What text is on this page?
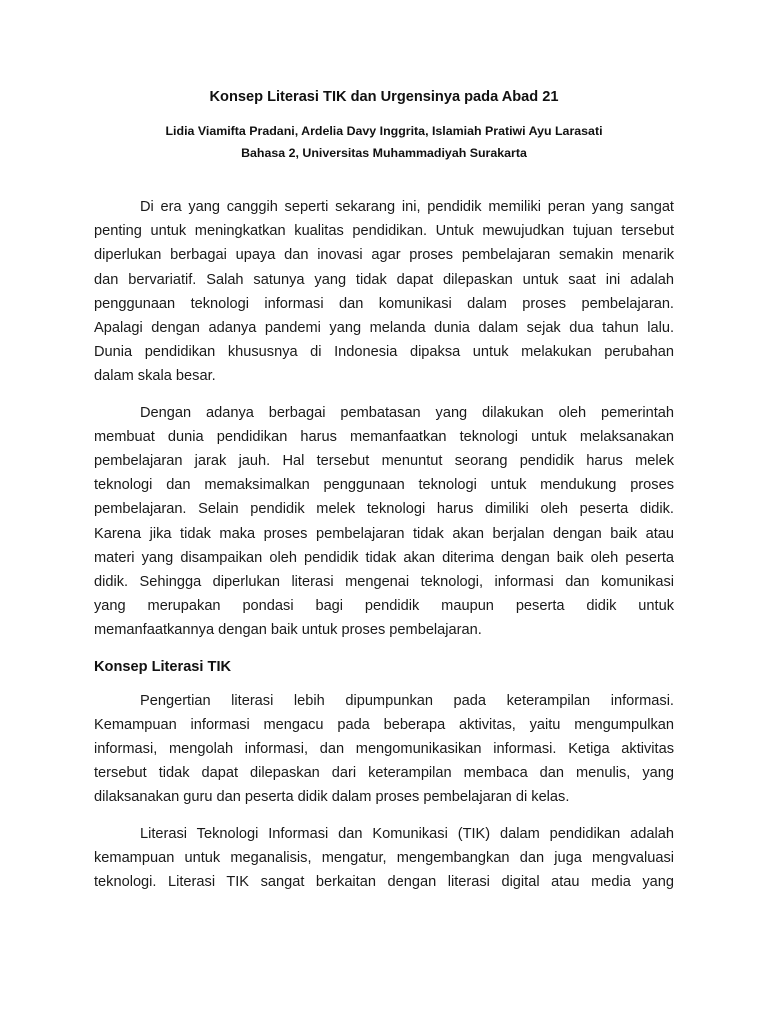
Konsep Literasi TIK dan Urgensinya pada Abad 21
Lidia Viamifta Pradani, Ardelia Davy Inggrita, Islamiah Pratiwi Ayu Larasati
Bahasa 2, Universitas Muhammadiyah Surakarta
Di era yang canggih seperti sekarang ini, pendidik memiliki peran yang sangat
penting untuk meningkatkan kualitas pendidikan. Untuk mewujudkan tujuan tersebut
diperlukan berbagai upaya dan inovasi agar proses pembelajaran semakin menarik
dan bervariatif. Salah satunya yang tidak dapat dilepaskan untuk saat ini adalah
penggunaan teknologi informasi dan komunikasi dalam proses pembelajaran.
Apalagi dengan adanya pandemi yang melanda dunia dalam sejak dua tahun lalu.
Dunia pendidikan khususnya di Indonesia dipaksa untuk melakukan perubahan
dalam skala besar.
Dengan adanya berbagai pembatasan yang dilakukan oleh pemerintah
membuat dunia pendidikan harus memanfaatkan teknologi untuk melaksanakan
pembelajaran jarak jauh. Hal tersebut menuntut seorang pendidik harus melek
teknologi dan memaksimalkan penggunaan teknologi untuk mendukung proses
pembelajaran. Selain pendidik melek teknologi harus dimiliki oleh peserta didik.
Karena jika tidak maka proses pembelajaran tidak akan berjalan dengan baik atau
materi yang disampaikan oleh pendidik tidak akan diterima dengan baik oleh peserta
didik. Sehingga diperlukan literasi mengenai teknologi, informasi dan komunikasi
yang merupakan pondasi bagi pendidik maupun peserta didik untuk
memanfaatkannya dengan baik untuk proses pembelajaran.
Konsep Literasi TIK
Pengertian literasi lebih dipumpunkan pada keterampilan informasi.
Kemampuan informasi mengacu pada beberapa aktivitas, yaitu mengumpulkan
informasi, mengolah informasi, dan mengomunikasikan informasi. Ketiga aktivitas
tersebut tidak dapat dilepaskan dari keterampilan membaca dan menulis, yang
dilaksanakan guru dan peserta didik dalam proses pembelajaran di kelas.
Literasi Teknologi Informasi dan Komunikasi (TIK) dalam pendidikan adalah
kemampuan untuk meganalisis, mengatur, mengembangkan dan juga mengvaluasi
teknologi. Literasi TIK sangat berkaitan dengan literasi digital atau media yang
